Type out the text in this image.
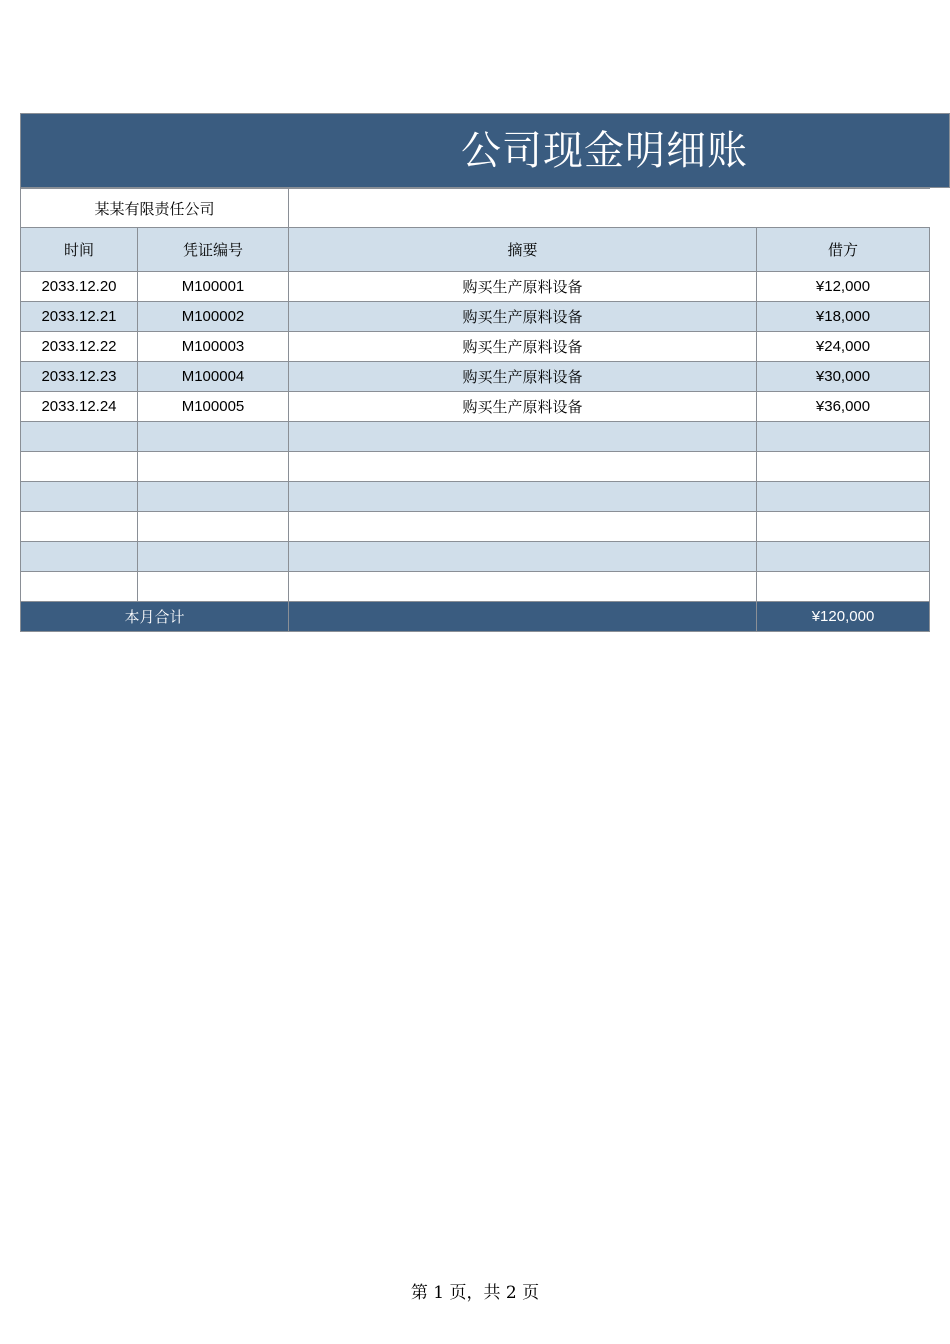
公司现金明细账
某某有限责任公司			
时间	凭证编号	摘要	借方
2033.12.20	M100001	购买生产原料设备	¥12,000
2033.12.21	M100002	购买生产原料设备	¥18,000
2033.12.22	M100003	购买生产原料设备	¥24,000
2033.12.23	M100004	购买生产原料设备	¥30,000
2033.12.24	M100005	购买生产原料设备	¥36,000

本月合计			¥120,000
第 1 页，共 2 页
